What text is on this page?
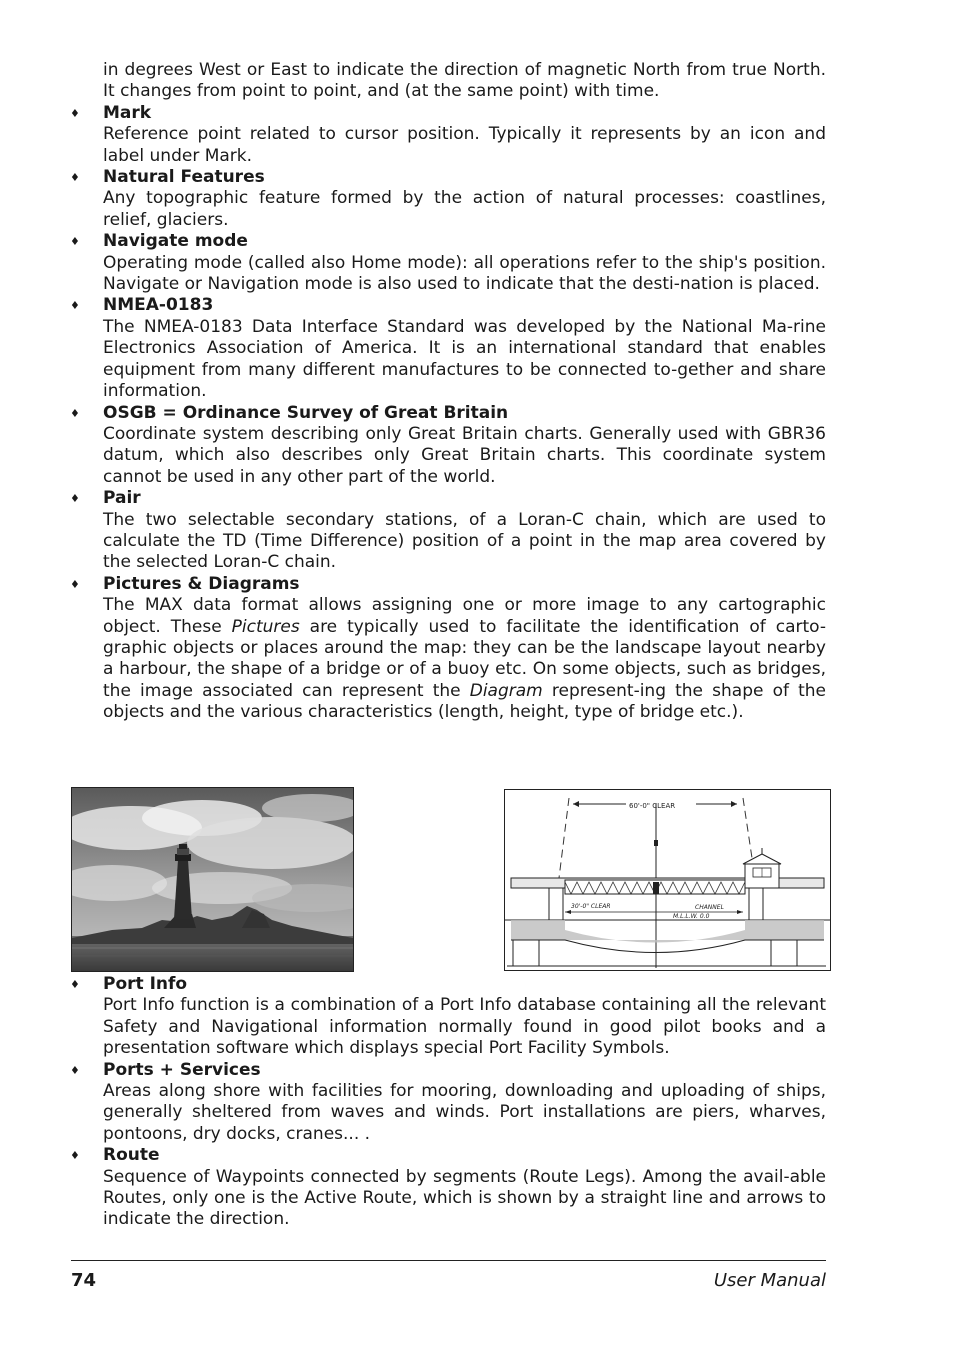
in degrees West or East to indicate the direction of magnetic North from true North. It changes from point to point, and (at the same point) with time.

♦ Mark

Reference point related to cursor position. Typically it represents by an icon and label under Mark.

♦ Natural Features

Any topographic feature formed by the action of natural processes: coastlines, relief, glaciers.

♦ Navigate mode

Operating mode (called also Home mode): all operations refer to the ship's position. Navigate or Navigation mode is also used to indicate that the desti-nation is placed.

♦ NMEA-0183

The NMEA-0183 Data Interface Standard was developed by the National Ma-rine Electronics Association of America. It is an international standard that enables equipment from many different manufactures to be connected to-gether and share information.

♦ OSGB = Ordinance Survey of Great Britain

Coordinate system describing only Great Britain charts. Generally used with GBR36 datum, which also describes only Great Britain charts. This coordinate system cannot be used in any other part of the world.

♦ Pair

The two selectable secondary stations, of a Loran-C chain, which are used to calculate the TD (Time Difference) position of a point in the map area covered by the selected Loran-C chain.

♦ Pictures & Diagrams

The MAX data format allows assigning one or more image to any cartographic object. These Pictures are typically used to facilitate the identification of carto-graphic objects or places around the map: they can be the landscape layout nearby a harbour, the shape of a bridge or of a buoy etc. On some objects, such as bridges, the image associated can represent the Diagram represent-ing the shape of the objects and the various characteristics (length, height, type of bridge etc.).

60'-0" CLEAR
30'-0" CLEAR	CHANNEL
M.L.L.W. 0.0
♦ Port Info

Port Info function is a combination of a Port Info database containing all the relevant Safety and Navigational information normally found in good pilot books and a presentation software which displays special Port Facility Symbols.

♦ Ports + Services

Areas along shore with facilities for mooring, downloading and uploading of ships, generally sheltered from waves and winds. Port installations are piers, wharves, pontoons, dry docks, cranes... .

♦ Route

Sequence of Waypoints connected by segments (Route Legs). Among the avail-able Routes, only one is the Active Route, which is shown by a straight line and arrows to indicate the direction.

74	User Manual
